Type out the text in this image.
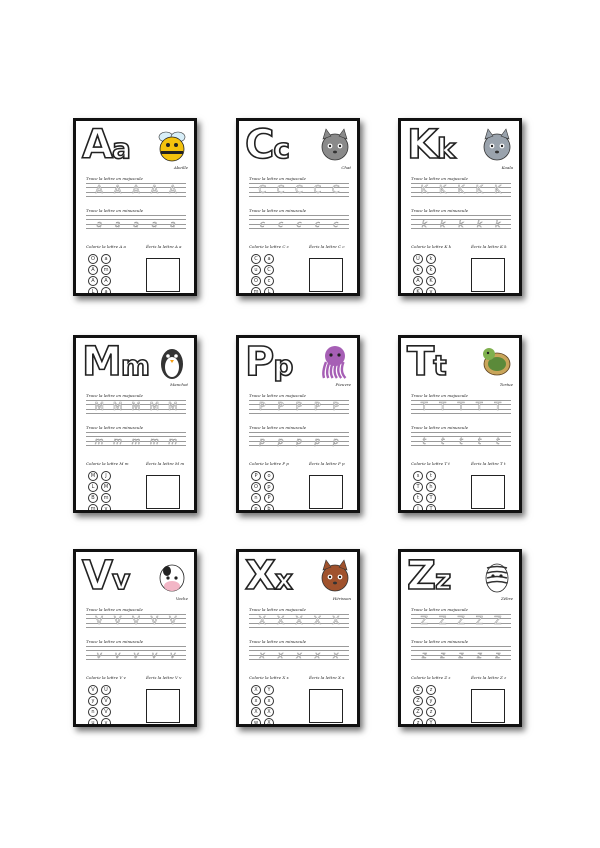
Aa
Abeille
Trace la lettre en majuscule
A A A A A
Trace la lettre en minuscule
a a a a a
Colorie la lettre A a	Écris la lettre A a
O	a
A	m
A	A
L	a
Cc
Chat
Trace la lettre en majuscule
C C C C C
Trace la lettre en minuscule
c c c c c
Colorie la lettre C c	Écris la lettre C c
C	a
u	C
O	c
m	L
Kk
Koala
Trace la lettre en majuscule
K K K K K
Trace la lettre en minuscule
k k k k k
Colorie la lettre K k	Écris la lettre K k
U	k
k	k
A	K
K	v
Mm
Manchot
Trace la lettre en majuscule
M M M M M
Trace la lettre en minuscule
m m m m m
Colorie la lettre M m	Écris la lettre M m
M	J
L	M
B	m
m	v
Pp
Pieuvre
Trace la lettre en majuscule
P P P P P
Trace la lettre en minuscule
p p p p p
Colorie la lettre P p	Écris la lettre P p
P	o
O	p
n	P
p	b
Tt
Tortue
Trace la lettre en majuscule
T T T T T
Trace la lettre en minuscule
t t t t t
Colorie la lettre T t	Écris la lettre T t
s	t
T	h
t	T
l	T
Vv
Vache
Trace la lettre en majuscule
V V V V V
Trace la lettre en minuscule
v v v v v
Colorie la lettre V v	Écris la lettre V v
V	U
y	V
n	V
u	v
Xx
Hérisson
Trace la lettre en majuscule
X X X X X
Trace la lettre en minuscule
x x x x x
Colorie la lettre X x	Écris la lettre X x
X	Y
x	x
X	X
w	X
Zz
Zèbre
Trace la lettre en majuscule
Z Z Z Z Z
Trace la lettre en minuscule
z z z z z
Colorie la lettre Z z	Écris la lettre Z z
Z	z
Z	y
Z	z
z	Y
